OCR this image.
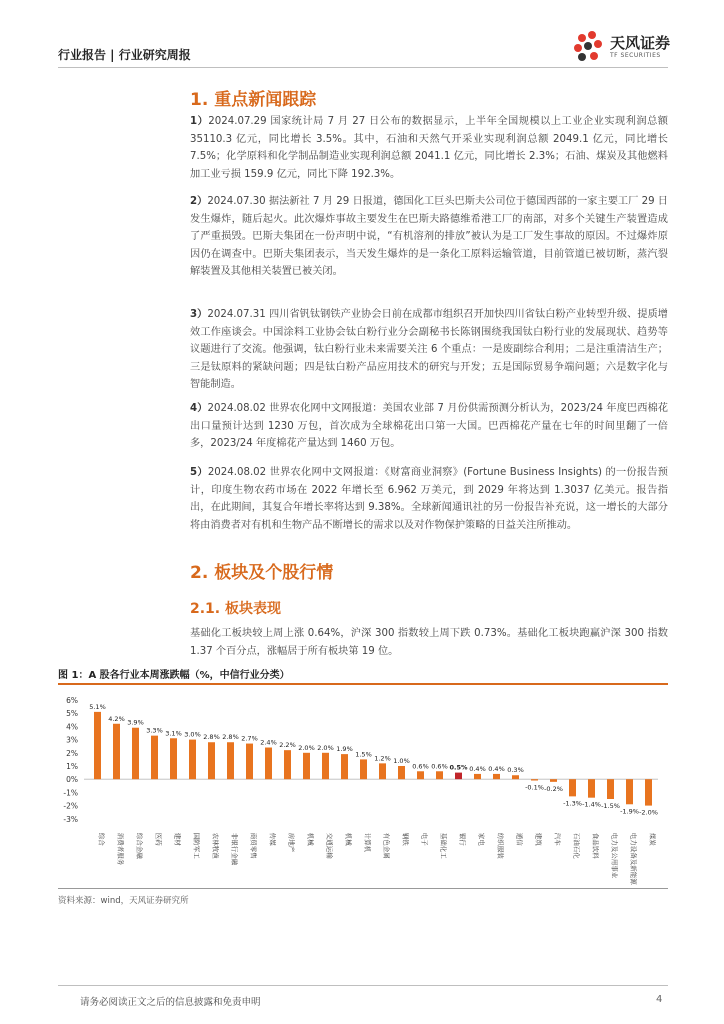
行业报告 | 行业研究周报
天风证券
TF SECURITIES
1. 重点新闻跟踪

1）2024.07.29 国家统计局 7 月 27 日公布的数据显示，上半年全国规模以上工业企业实现利润总额 35110.3 亿元，同比增长 3.5%。其中，石油和天然气开采业实现利润总额 2049.1 亿元，同比增长 7.5%；化学原料和化学制品制造业实现利润总额 2041.1 亿元，同比增长 2.3%；石油、煤炭及其他燃料加工业亏损 159.9 亿元，同比下降 192.3%。

2）2024.07.30 据法新社 7 月 29 日报道，德国化工巨头巴斯夫公司位于德国西部的一家主要工厂 29 日发生爆炸，随后起火。此次爆炸事故主要发生在巴斯夫路德维希港工厂的南部，对多个关键生产装置造成了严重损毁。巴斯夫集团在一份声明中说，“有机溶剂的排放”被认为是工厂发生事故的原因。不过爆炸原因仍在调查中。巴斯夫集团表示，当天发生爆炸的是一条化工原料运输管道，目前管道已被切断，蒸汽裂解装置及其他相关装置已被关闭。

3）2024.07.31 四川省钒钛钢铁产业协会日前在成都市组织召开加快四川省钛白粉产业转型升级、提质增效工作座谈会。中国涂料工业协会钛白粉行业分会副秘书长陈钢围绕我国钛白粉行业的发展现状、趋势等议题进行了交流。他强调，钛白粉行业未来需要关注 6 个重点：一是废副综合利用；二是注重清洁生产；三是钛原料的紧缺问题；四是钛白粉产品应用技术的研究与开发；五是国际贸易争端问题；六是数字化与智能制造。

4）2024.08.02 世界农化网中文网报道：美国农业部 7 月份供需预测分析认为，2023/24 年度巴西棉花出口量预计达到 1230 万包，首次成为全球棉花出口第一大国。巴西棉花产量在七年的时间里翻了一倍多，2023/24 年度棉花产量达到 1460 万包。

5）2024.08.02 世界农化网中文网报道：《财富商业洞察》(Fortune Business Insights) 的一份报告预计，印度生物农药市场在 2022 年增长至 6.962 万美元，到 2029 年将达到 1.3037 亿美元。报告指出，在此期间，其复合年增长率将达到 9.38%。全球新闻通讯社的另一份报告补充说，这一增长的大部分将由消费者对有机和生物产品不断增长的需求以及对作物保护策略的日益关注所推动。

2. 板块及个股行情
2.1. 板块表现

基础化工板块较上周上涨 0.64%，沪深 300 指数较上周下跌 0.73%。基础化工板块跑赢沪深 300 指数 1.37 个百分点，涨幅居于所有板块第 19 位。

图 1：A 股各行业本周涨跌幅（%，中信行业分类）
6%
5%
4%
3%
2%
1%
0%
-1%
-2%
-3%
5.1%
4.2% 3.9%
3.3% 3.1% 3.0% 2.8% 2.8% 2.7% 2.4% 2.2% 2.0% 2.0% 1.9%
1.5% 1.2% 1.0%
0.6% 0.6% 0.5% 0.4% 0.4% 0.3%
-0.1% -0.2%
-1.3% -1.4% -1.5%
-1.9% -2.0%
综合 消费者服务 综合金融 医药 建材 国防军工 农林牧渔 非银行金融 商贸零售 传媒 房地产 机械 交通运输 机械 计算机 有色金属 钢铁 电子 基础化工 银行 家电 纺织服装 通信 建筑 汽车 石油石化 食品饮料 电力及公用事业 电力设备及新能源 煤炭
资料来源：wind，天风证券研究所
请务必阅读正文之后的信息披露和免责申明	4
